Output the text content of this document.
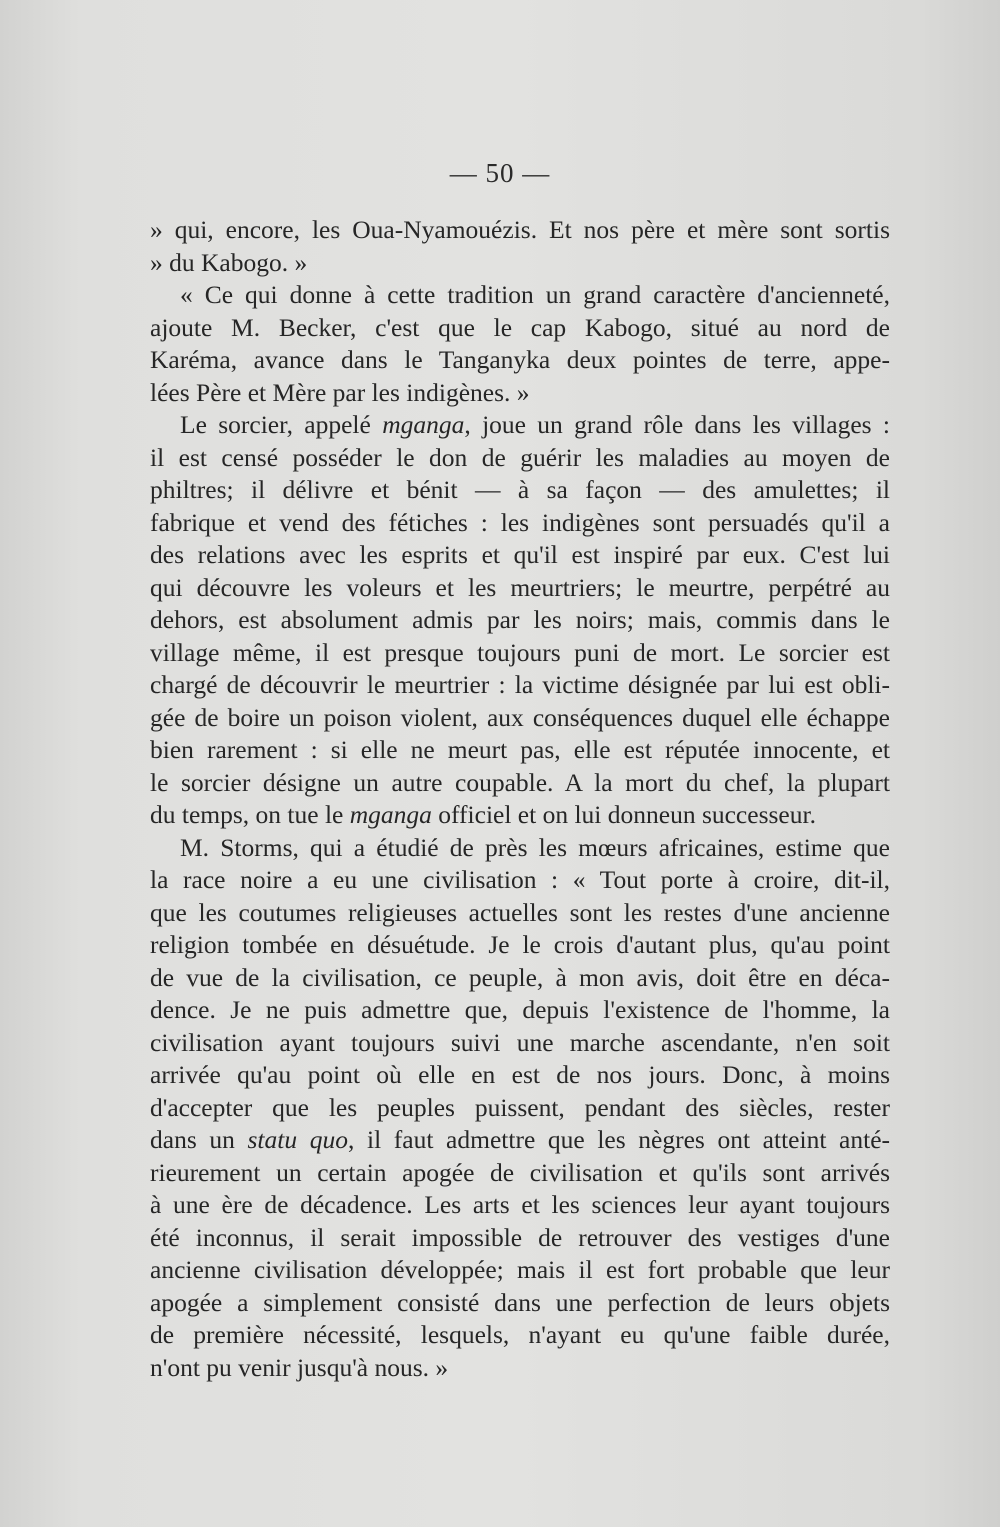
— 50 —
» qui, encore, les Oua-Nyamouézis. Et nos père et mère sont sortis
» du Kabogo. »
« Ce qui donne à cette tradition un grand caractère d'ancienneté,
ajoute M. Becker, c'est que le cap Kabogo, situé au nord de
Karéma, avance dans le Tanganyka deux pointes de terre, appe-
lées Père et Mère par les indigènes. »
Le sorcier, appelé mganga, joue un grand rôle dans les villages :
il est censé posséder le don de guérir les maladies au moyen de
philtres; il délivre et bénit — à sa façon — des amulettes; il
fabrique et vend des fétiches : les indigènes sont persuadés qu'il a
des relations avec les esprits et qu'il est inspiré par eux. C'est lui
qui découvre les voleurs et les meurtriers; le meurtre, perpétré au
dehors, est absolument admis par les noirs; mais, commis dans le
village même, il est presque toujours puni de mort. Le sorcier est
chargé de découvrir le meurtrier : la victime désignée par lui est obli-
gée de boire un poison violent, aux conséquences duquel elle échappe
bien rarement : si elle ne meurt pas, elle est réputée innocente, et
le sorcier désigne un autre coupable. A la mort du chef, la plupart
du temps, on tue le mganga officiel et on lui donneun successeur.
M. Storms, qui a étudié de près les mœurs africaines, estime que
la race noire a eu une civilisation : « Tout porte à croire, dit-il,
que les coutumes religieuses actuelles sont les restes d'une ancienne
religion tombée en désuétude. Je le crois d'autant plus, qu'au point
de vue de la civilisation, ce peuple, à mon avis, doit être en déca-
dence. Je ne puis admettre que, depuis l'existence de l'homme, la
civilisation ayant toujours suivi une marche ascendante, n'en soit
arrivée qu'au point où elle en est de nos jours. Donc, à moins
d'accepter que les peuples puissent, pendant des siècles, rester
dans un statu quo, il faut admettre que les nègres ont atteint anté-
rieurement un certain apogée de civilisation et qu'ils sont arrivés
à une ère de décadence. Les arts et les sciences leur ayant toujours
été inconnus, il serait impossible de retrouver des vestiges d'une
ancienne civilisation développée; mais il est fort probable que leur
apogée a simplement consisté dans une perfection de leurs objets
de première nécessité, lesquels, n'ayant eu qu'une faible durée,
n'ont pu venir jusqu'à nous. »
